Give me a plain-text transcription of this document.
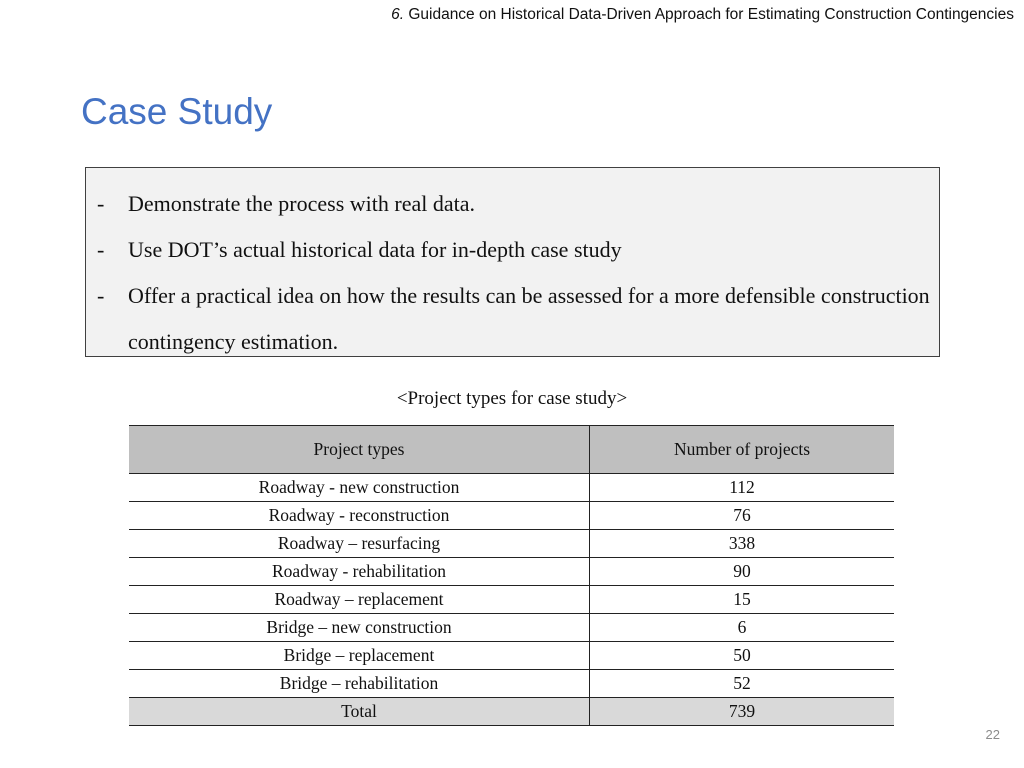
6. Guidance on Historical Data-Driven Approach for Estimating Construction Contingencies
Case Study
- Demonstrate the process with real data.
- Use DOT’s actual historical data for in-depth case study
- Offer a practical idea on how the results can be assessed for a more defensible construction contingency estimation.
<Project types for case study>
Project types	Number of projects
Roadway - new construction	112
Roadway - reconstruction	76
Roadway – resurfacing	338
Roadway - rehabilitation	90
Roadway – replacement	15
Bridge – new construction	6
Bridge – replacement	50
Bridge – rehabilitation	52
Total	739
22
